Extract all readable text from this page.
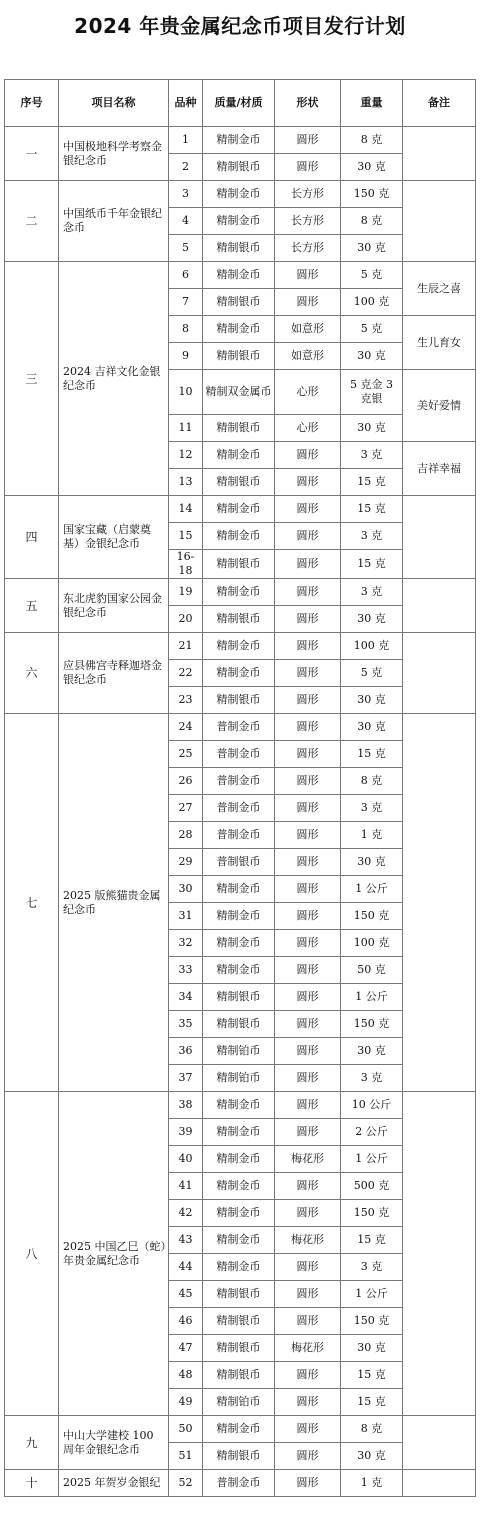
2024 年贵金属纪念币项目发行计划
序号	项目名称	品种	质量/材质	形状	重量	备注
一	中国极地科学考察金银纪念币	1	精制金币	圆形	8 克	
		2	精制银币	圆形	30 克	
二	中国纸币千年金银纪念币	3	精制金币	长方形	150 克	
		4	精制金币	长方形	8 克	
		5	精制银币	长方形	30 克	
三	2024 吉祥文化金银纪念币	6	精制金币	圆形	5 克	生辰之喜
		7	精制银币	圆形	100 克	
		8	精制金币	如意形	5 克	生儿育女
		9	精制银币	如意形	30 克	
		10	精制双金属币	心形	5 克金 3 克银	美好爱情
		11	精制银币	心形	30 克	
		12	精制金币	圆形	3 克	吉祥幸福
		13	精制银币	圆形	15 克	
四	国家宝藏（启蒙奠基）金银纪念币	14	精制金币	圆形	15 克	
		15	精制金币	圆形	3 克	
		16-18	精制银币	圆形	15 克	
五	东北虎豹国家公园金银纪念币	19	精制金币	圆形	3 克	
		20	精制银币	圆形	30 克	
六	应县佛宫寺释迦塔金银纪念币	21	精制金币	圆形	100 克	
		22	精制金币	圆形	5 克	
		23	精制银币	圆形	30 克	
七	2025 版熊猫贵金属纪念币	24	普制金币	圆形	30 克	
		25	普制金币	圆形	15 克	
		26	普制金币	圆形	8 克	
		27	普制金币	圆形	3 克	
		28	普制金币	圆形	1 克	
		29	普制银币	圆形	30 克	
		30	精制金币	圆形	1 公斤	
		31	精制金币	圆形	150 克	
		32	精制金币	圆形	100 克	
		33	精制金币	圆形	50 克	
		34	精制银币	圆形	1 公斤	
		35	精制银币	圆形	150 克	
		36	精制铂币	圆形	30 克	
		37	精制铂币	圆形	3 克	
八	2025 中国乙巳（蛇）年贵金属纪念币	38	精制金币	圆形	10 公斤	
		39	精制金币	圆形	2 公斤	
		40	精制金币	梅花形	1 公斤	
		41	精制金币	圆形	500 克	
		42	精制金币	圆形	150 克	
		43	精制金币	梅花形	15 克	
		44	精制金币	圆形	3 克	
		45	精制银币	圆形	1 公斤	
		46	精制银币	圆形	150 克	
		47	精制银币	梅花形	30 克	
		48	精制银币	圆形	15 克	
		49	精制铂币	圆形	15 克	
九	中山大学建校 100 周年金银纪念币	50	精制金币	圆形	8 克	
		51	精制银币	圆形	30 克	
十	2025 年贺岁金银纪	52	普制金币	圆形	1 克	
